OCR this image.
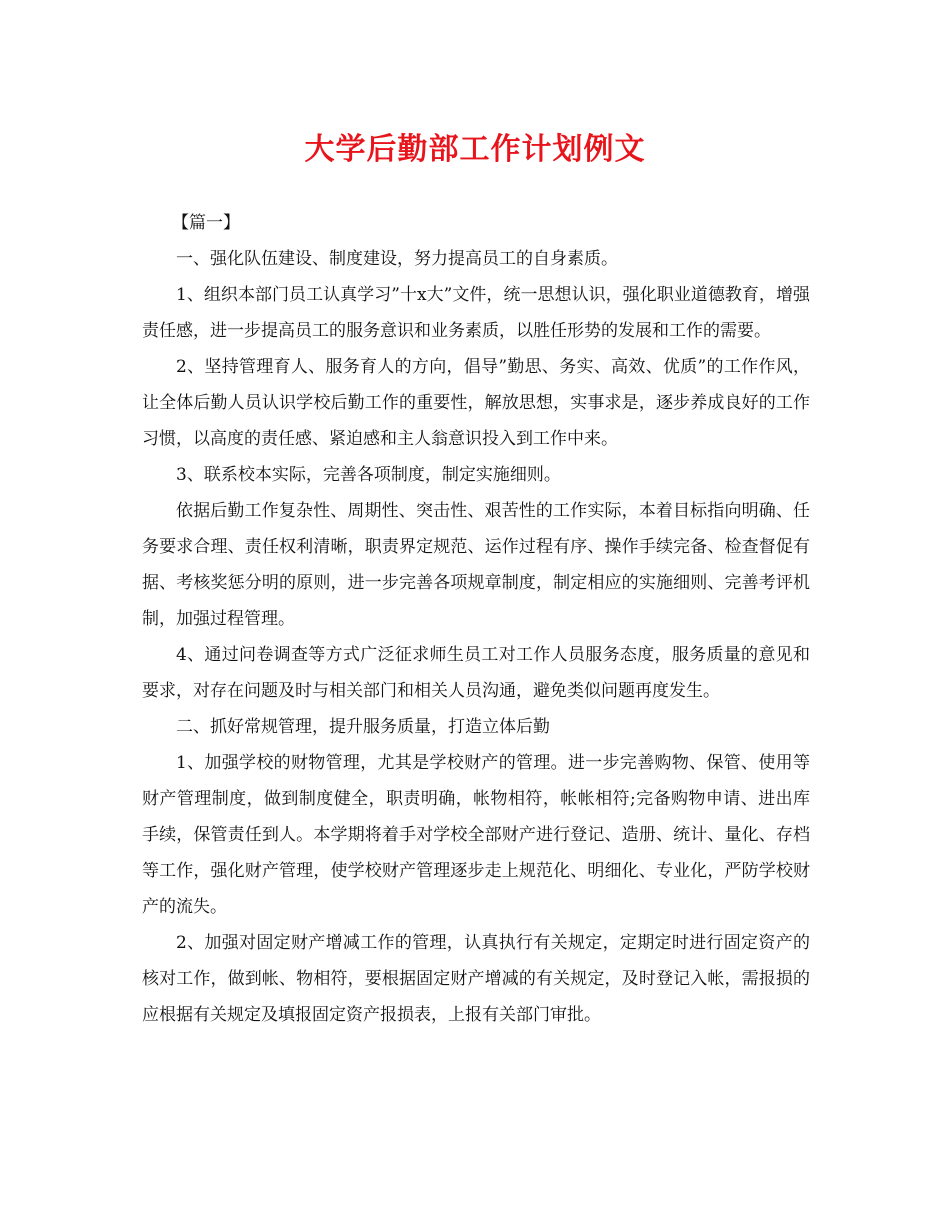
大学后勤部工作计划例文

【篇一】

一、强化队伍建设、制度建设，努力提高员工的自身素质。

1、组织本部门员工认真学习”十x大”文件，统一思想认识，强化职业道德教育，增强责任感，进一步提高员工的服务意识和业务素质，以胜任形势的发展和工作的需要。

2、坚持管理育人、服务育人的方向，倡导”勤思、务实、高效、优质”的工作作风，让全体后勤人员认识学校后勤工作的重要性，解放思想，实事求是，逐步养成良好的工作习惯，以高度的责任感、紧迫感和主人翁意识投入到工作中来。

3、联系校本实际，完善各项制度，制定实施细则。

依据后勤工作复杂性、周期性、突击性、艰苦性的工作实际，本着目标指向明确、任务要求合理、责任权利清晰，职责界定规范、运作过程有序、操作手续完备、检查督促有据、考核奖惩分明的原则，进一步完善各项规章制度，制定相应的实施细则、完善考评机制，加强过程管理。

4、通过问卷调查等方式广泛征求师生员工对工作人员服务态度，服务质量的意见和要求，对存在问题及时与相关部门和相关人员沟通，避免类似问题再度发生。

二、抓好常规管理，提升服务质量，打造立体后勤

1、加强学校的财物管理，尤其是学校财产的管理。进一步完善购物、保管、使用等财产管理制度，做到制度健全，职责明确，帐物相符，帐帐相符;完备购物申请、进出库手续，保管责任到人。本学期将着手对学校全部财产进行登记、造册、统计、量化、存档等工作，强化财产管理，使学校财产管理逐步走上规范化、明细化、专业化，严防学校财产的流失。

2、加强对固定财产增减工作的管理，认真执行有关规定，定期定时进行固定资产的核对工作，做到帐、物相符，要根据固定财产增减的有关规定，及时登记入帐，需报损的应根据有关规定及填报固定资产报损表，上报有关部门审批。
